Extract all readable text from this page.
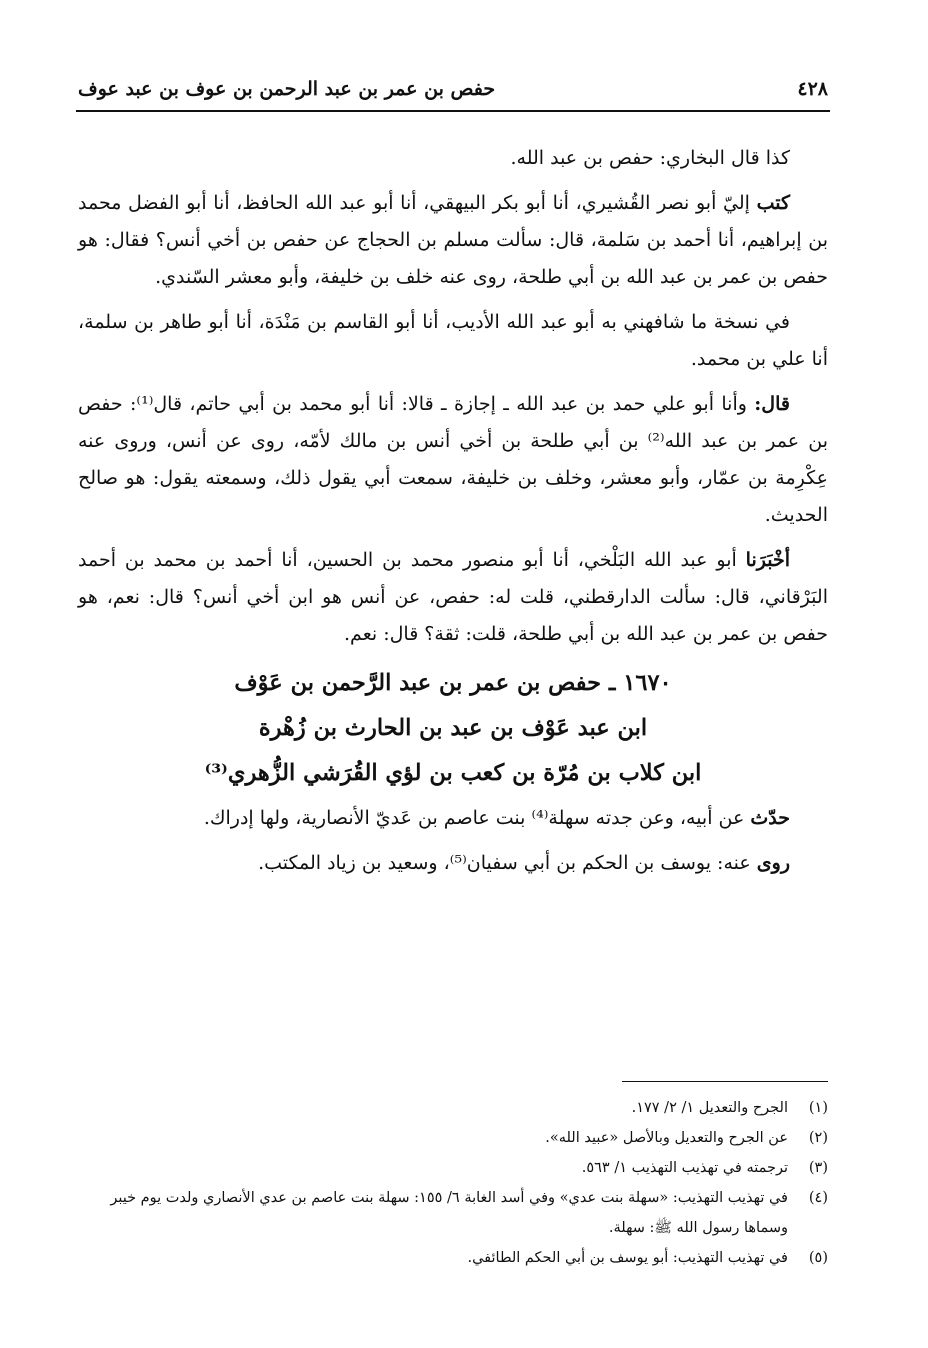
٤٢٨
حفص بن عمر بن عبد الرحمن بن عوف بن عبد عوف

كذا قال البخاري: حفص بن عبد الله.

كتب إليّ أبو نصر القُشيري، أنا أبو بكر البيهقي، أنا أبو عبد الله الحافظ، أنا أبو الفضل محمد بن إبراهيم، أنا أحمد بن سَلمة، قال: سألت مسلم بن الحجاج عن حفص بن أخي أنس؟ فقال: هو حفص بن عمر بن عبد الله بن أبي طلحة، روى عنه خلف بن خليفة، وأبو معشر السّندي.

في نسخة ما شافهني به أبو عبد الله الأديب، أنا أبو القاسم بن مَنْدَة، أنا أبو طاهر بن سلمة، أنا علي بن محمد.

قال: وأنا أبو علي حمد بن عبد الله ـ إجازة ـ قالا: أنا أبو محمد بن أبي حاتم، قال⁽¹⁾: حفص بن عمر بن عبد الله⁽²⁾ بن أبي طلحة بن أخي أنس بن مالك لأمّه، روى عن أنس، وروى عنه عِكْرِمة بن عمّار، وأبو معشر، وخلف بن خليفة، سمعت أبي يقول ذلك، وسمعته يقول: هو صالح الحديث.

أخْبَرَنا أبو عبد الله البَلْخي، أنا أبو منصور محمد بن الحسين، أنا أحمد بن محمد بن أحمد البَرْقاني، قال: سألت الدارقطني، قلت له: حفص، عن أنس هو ابن أخي أنس؟ قال: نعم، هو حفص بن عمر بن عبد الله بن أبي طلحة، قلت: ثقة؟ قال: نعم.

١٦٧٠ ـ حفص بن عمر بن عبد الرَّحمن بن عَوْف
ابن عبد عَوْف بن عبد بن الحارث بن زُهْرة
ابن كلاب بن مُرّة بن كعب بن لؤي القُرَشي الزُّهري⁽³⁾

حدّث عن أبيه، وعن جدته سهلة⁽⁴⁾ بنت عاصم بن عَديّ الأنصارية، ولها إدراك.

روى عنه: يوسف بن الحكم بن أبي سفيان⁽⁵⁾، وسعيد بن زياد المكتب.

(١)
الجرح والتعديل ١/ ٢/ ١٧٧.
(٢)
عن الجرح والتعديل وبالأصل «عبيد الله».
(٣)
ترجمته في تهذيب التهذيب ١/ ٥٦٣.
(٤)
في تهذيب التهذيب: «سهلة بنت عدي» وفي أسد الغابة ٦/ ١٥٥: سهلة بنت عاصم بن عدي الأنصاري ولدت يوم خيبر وسماها رسول الله ﷺ: سهلة.
(٥)
في تهذيب التهذيب: أبو يوسف بن أبي الحكم الطائفي.
